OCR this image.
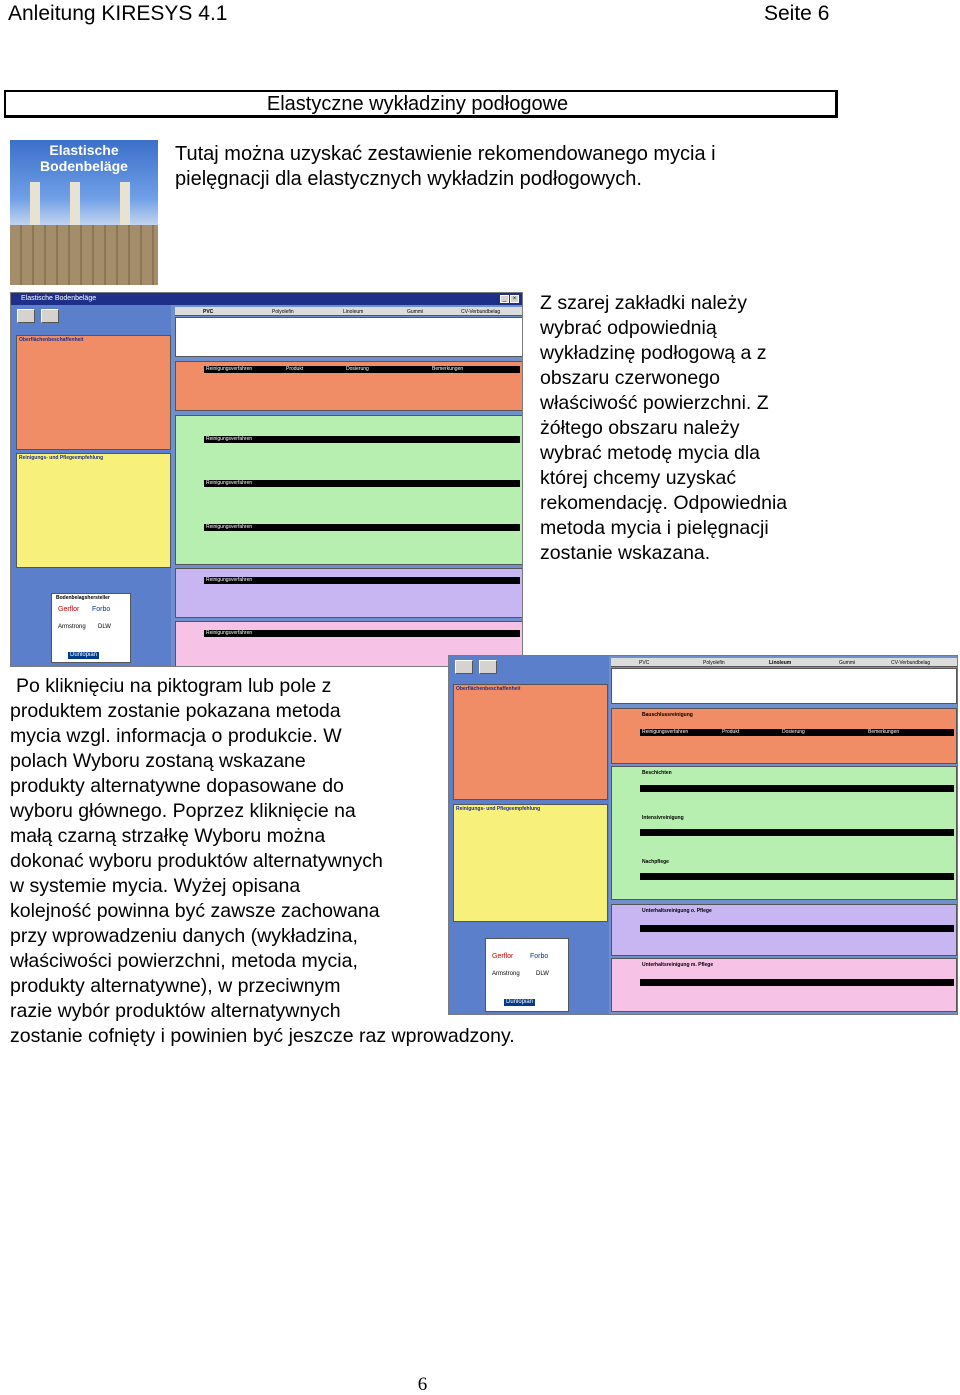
Anleitung KIRESYS 4.1	Seite 6
Elastyczne wykładziny podłogowe
Elastische
Bodenbeläge
Tutaj można uzyskać zestawienie rekomendowanego mycia i
pielęgnacji dla elastycznych wykładzin podłogowych.
Elastische Bodenbeläge	_	×
Oberflächenbeschaffenheit
Reinigungs- und Pflegeempfehlung
Bodenbelagshersteller
Gerflor Forbo
Armstrong DLW
Dunlopian
PVC	Polyolefin	Linoleum	Gummi	CV-Verbundbelag
Reinigungsverfahren	Produkt	Dosierung	Bemerkungen
Reinigungsverfahren
Reinigungsverfahren
Reinigungsverfahren
Reinigungsverfahren
Reinigungsverfahren
Z szarej zakładki należy
wybrać odpowiednią
wykładzinę podłogową a z
obszaru czerwonego
właściwość powierzchni. Z
żółtego obszaru należy
wybrać metodę mycia dla
której chcemy uzyskać
rekomendację. Odpowiednia
metoda mycia i pielęgnacji
zostanie wskazana.
Oberflächenbeschaffenheit
Reinigungs- und Pflegeempfehlung
Gerflor Forbo
Armstrong	DLW
Dunlopian
PVC	Polyolefin	Linoleum	Gummi	CV-Verbundbelag
Bauschlussreinigung
Reinigungsverfahren	Produkt	Dosierung	Bemerkungen
Beschichten
Intensivreinigung
Nachpflege
Unterhaltsreinigung o. Pflege
Unterhaltsreinigung m. Pflege
Po kliknięciu na piktogram lub pole z
produktem zostanie pokazana metoda
mycia wzgl. informacja o produkcie. W
polach Wyboru zostaną wskazane
produkty alternatywne dopasowane do
wyboru głównego. Poprzez kliknięcie na
małą czarną strzałkę Wyboru można
dokonać wyboru produktów alternatywnych
w systemie mycia. Wyżej opisana
kolejność powinna być zawsze zachowana
przy wprowadzeniu danych (wykładzina,
właściwości powierzchni, metoda mycia,
produkty alternatywne), w przeciwnym
razie wybór produktów alternatywnych
zostanie cofnięty i powinien być jeszcze raz wprowadzony.
6
